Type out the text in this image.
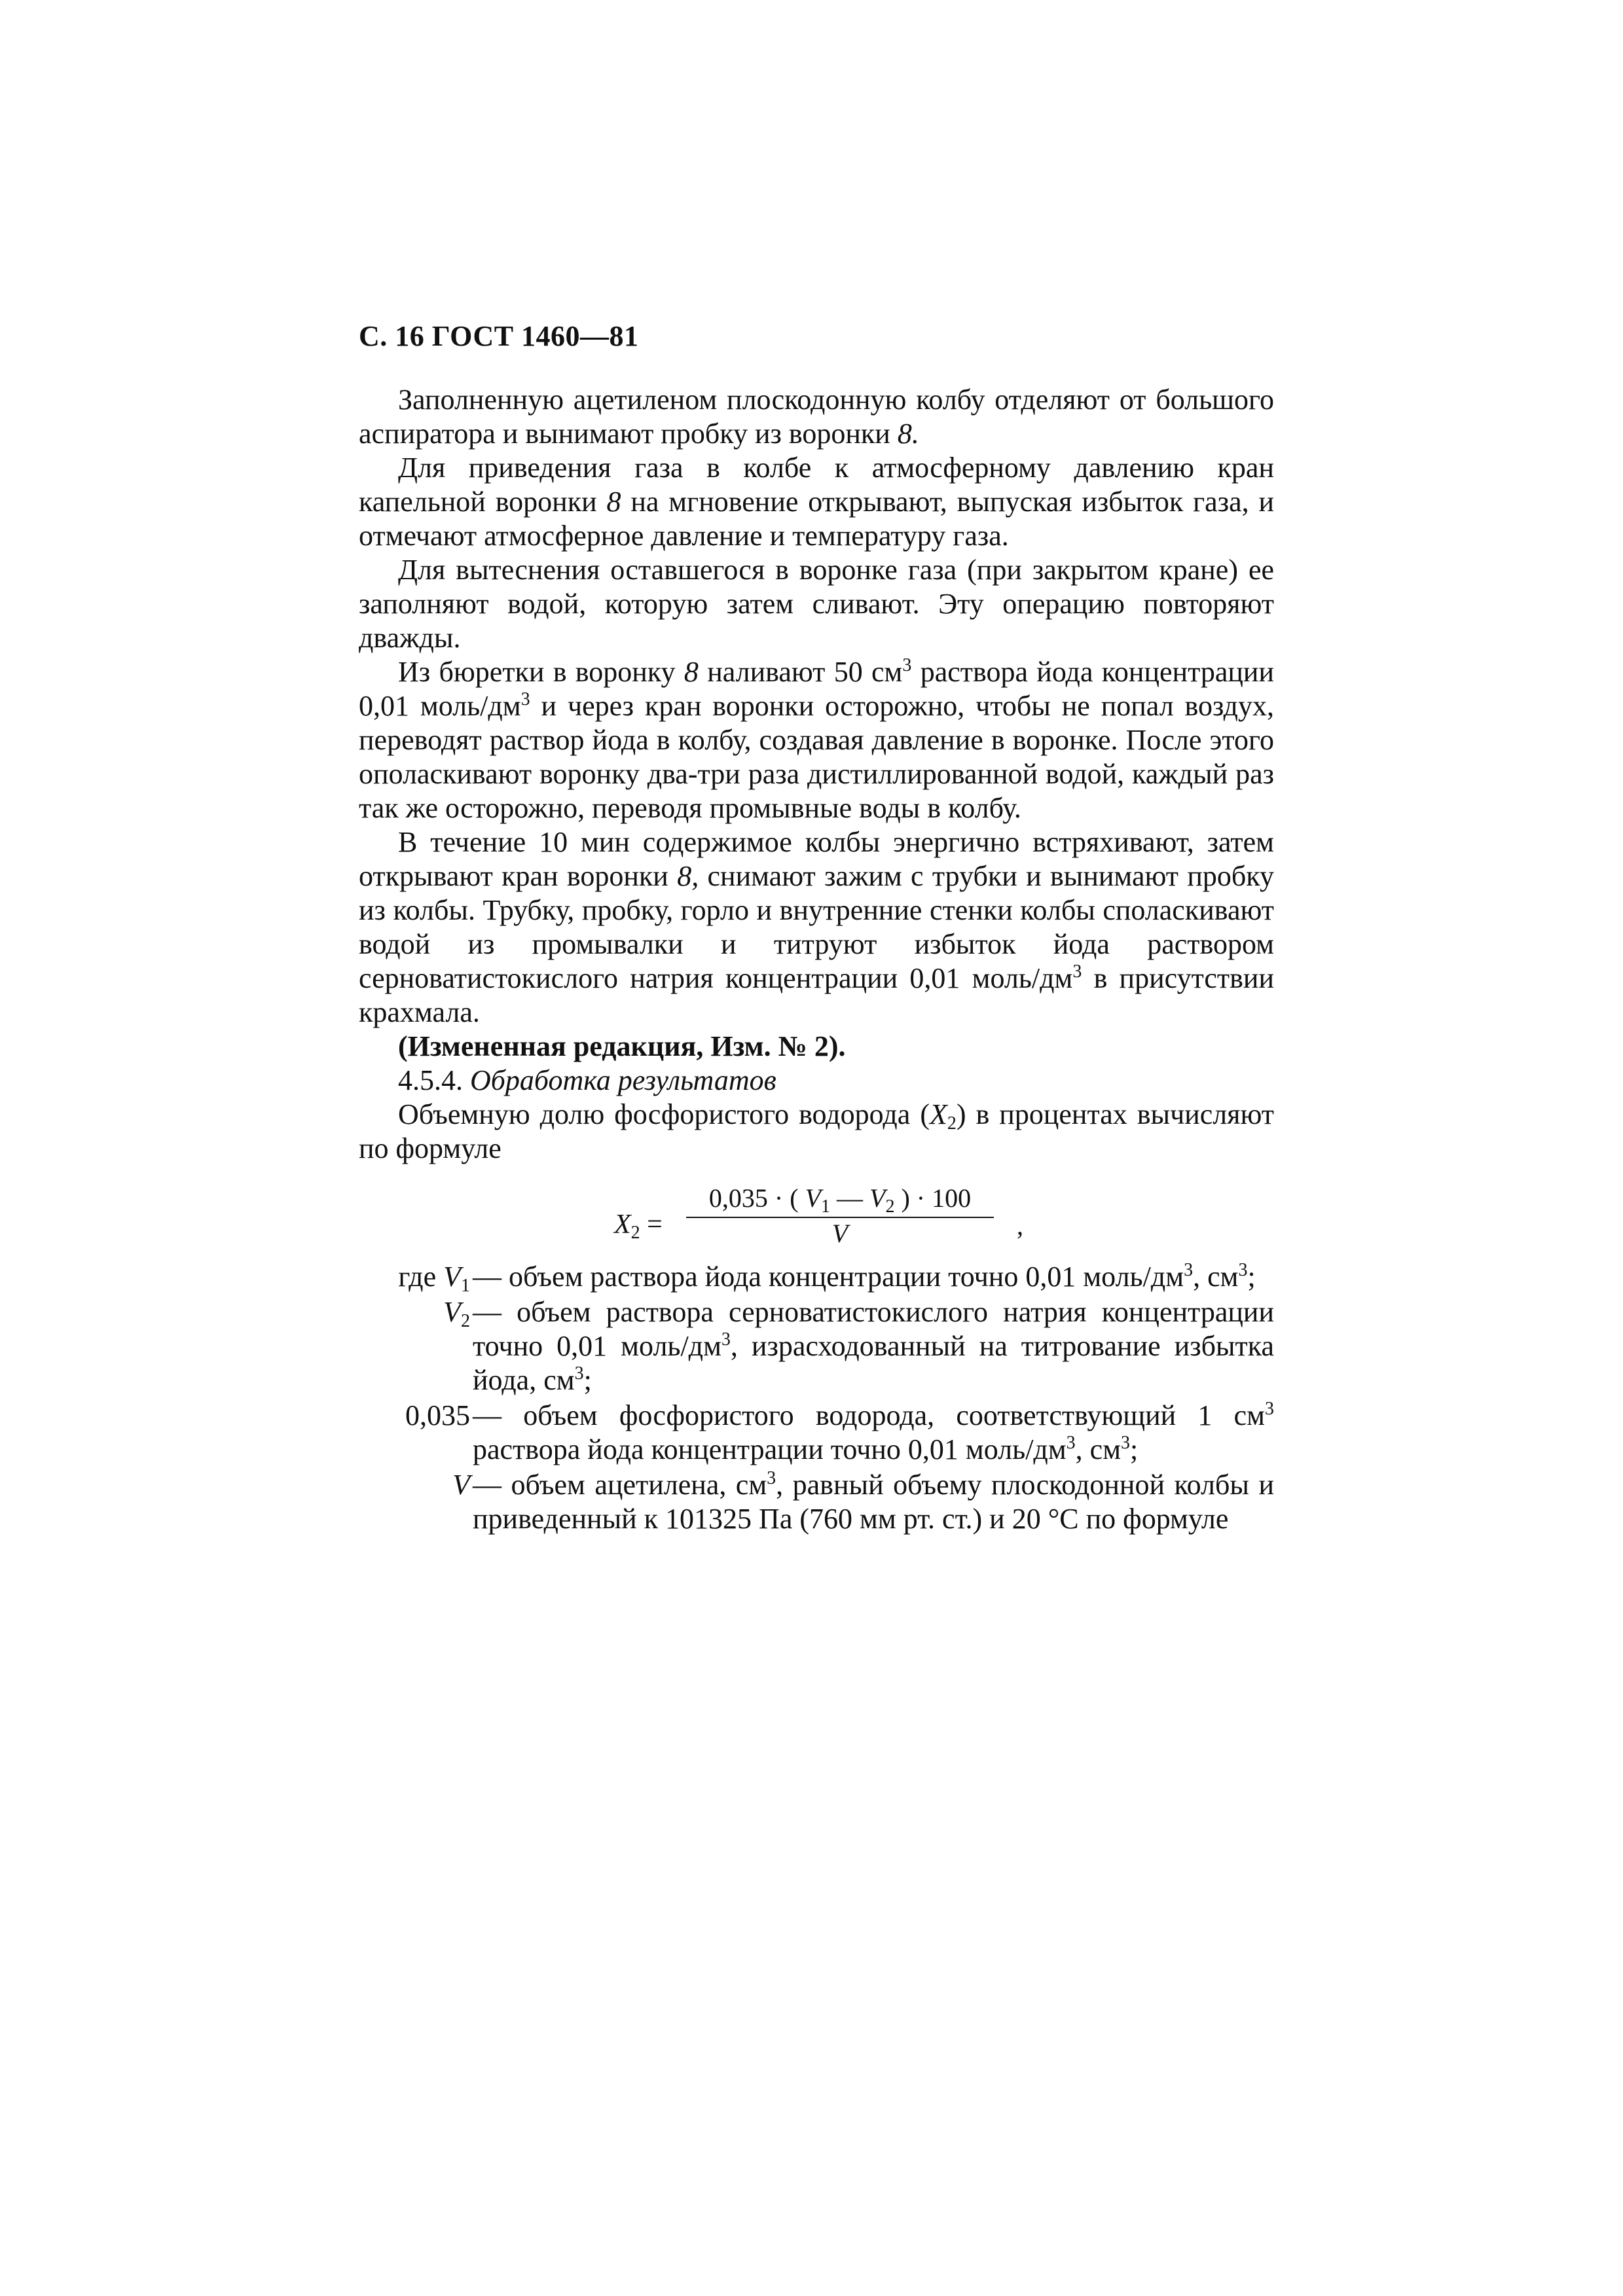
С. 16 ГОСТ 1460—81

Заполненную ацетиленом плоскодонную колбу отделяют от большого аспиратора и вынимают пробку из воронки 8.

Для приведения газа в колбе к атмосферному давлению кран капельной воронки 8 на мгновение открывают, выпуская избыток газа, и отмечают атмосферное давление и температуру газа.

Для вытеснения оставшегося в воронке газа (при закрытом кране) ее заполняют водой, которую затем сливают. Эту операцию повторяют дважды.

Из бюретки в воронку 8 наливают 50 $см^3$ раствора йода концентрации 0,01 моль/$дм^3$ и через кран воронки осторожно, чтобы не попал воздух, переводят раствор йода в колбу, создавая давление в воронке. После этого ополаскивают воронку два-три раза дистиллированной водой, каждый раз так же осторожно, переводя промывные воды в колбу.

В течение 10 мин содержимое колбы энергично встряхивают, затем открывают кран воронки 8, снимают зажим с трубки и вынимают пробку из колбы. Трубку, пробку, горло и внутренние стенки колбы споласкивают водой из промывалки и титруют избыток йода раствором серноватистокислого натрия концентрации 0,01 моль/$дм^3$ в присутствии крахмала.

(Измененная редакция, Изм. № 2).

4.5.4. Обработка результатов

Объемную долю фосфористого водорода $(X_2)$ в процентах вычисляют по формуле

$X_2$ =
0,035 · ( $V_1$ — $V_2$ ) · 100
V	,
где $V_1$ — объем раствора йода концентрации точно 0,01 моль/$дм^3$, $см^3$;
$V_2$ — объем раствора серноватистокислого натрия концентрации точно 0,01 моль/$дм^3$, израсходованный на титрование избытка йода, $см^3$;
0,035 — объем фосфористого водорода, соответствующий 1 $см^3$ раствора йода концентрации точно 0,01 моль/$дм^3$, $см^3$;
V — объем ацетилена, $см^3$, равный объему плоскодонной колбы и приведенный к 101325 Па (760 мм рт. ст.) и 20 °С по формуле
